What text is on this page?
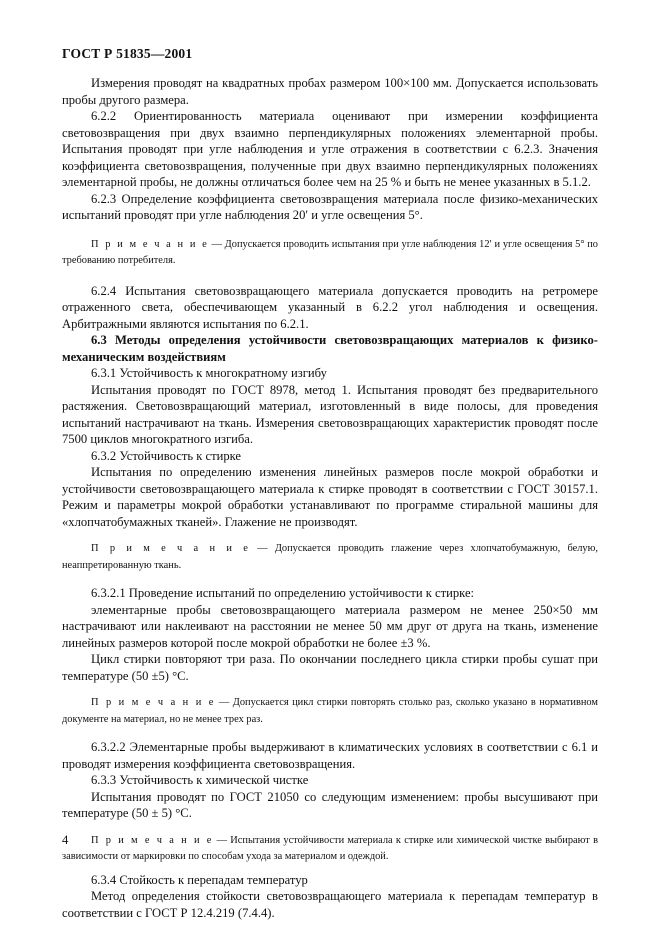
ГОСТ Р 51835—2001

Измерения проводят на квадратных пробах размером 100×100 мм. Допускается использовать пробы другого размера.

6.2.2 Ориентированность материала оценивают при измерении коэффициента световозвращения при двух взаимно перпендикулярных положениях элементарной пробы. Испытания проводят при угле наблюдения и угле отражения в соответствии с 6.2.3. Значения коэффициента световозвращения, полученные при двух взаимно перпендикулярных положениях элементарной пробы, не должны отличаться более чем на 25 % и быть не менее указанных в 5.1.2.

6.2.3 Определение коэффициента световозвращения материала после физико-механических испытаний проводят при угле наблюдения 20′ и угле освещения 5°.

П р и м е ч а н и е — Допускается проводить испытания при угле наблюдения 12′ и угле освещения 5° по требованию потребителя.

6.2.4 Испытания световозвращающего материала допускается проводить на ретромере отраженного света, обеспечивающем указанный в 6.2.2 угол наблюдения и освещения. Арбитражными являются испытания по 6.2.1.

6.3 Методы определения устойчивости световозвращающих материалов к физико-механическим воздействиям

6.3.1 Устойчивость к многократному изгибу

Испытания проводят по ГОСТ 8978, метод 1. Испытания проводят без предварительного растяжения. Световозвращающий материал, изготовленный в виде полосы, для проведения испытаний настрачивают на ткань. Измерения световозвращающих характеристик проводят после 7500 циклов многократного изгиба.

6.3.2 Устойчивость к стирке

Испытания по определению изменения линейных размеров после мокрой обработки и устойчивости световозвращающего материала к стирке проводят в соответствии с ГОСТ 30157.1. Режим и параметры мокрой обработки устанавливают по программе стиральной машины для «хлопчатобумажных тканей». Глажение не производят.

П р и м е ч а н и е — Допускается проводить глажение через хлопчатобумажную, белую, неаппретированную ткань.

6.3.2.1 Проведение испытаний по определению устойчивости к стирке:

элементарные пробы световозвращающего материала размером не менее 250×50 мм настрачивают или наклеивают на расстоянии не менее 50 мм друг от друга на ткань, изменение линейных размеров которой после мокрой обработки не более ±3 %.

Цикл стирки повторяют три раза. По окончании последнего цикла стирки пробы сушат при температуре (50 ±5) °С.

П р и м е ч а н и е — Допускается цикл стирки повторять столько раз, сколько указано в нормативном документе на материал, но не менее трех раз.

6.3.2.2 Элементарные пробы выдерживают в климатических условиях в соответствии с 6.1 и проводят измерения коэффициента световозвращения.

6.3.3 Устойчивость к химической чистке

Испытания проводят по ГОСТ 21050 со следующим изменением: пробы высушивают при температуре (50 ± 5) °С.

П р и м е ч а н и е — Испытания устойчивости материала к стирке или химической чистке выбирают в зависимости от маркировки по способам ухода за материалом и одеждой.

6.3.4 Стойкость к перепадам температур

Метод определения стойкости световозвращающего материала к перепадам температур в соответствии с ГОСТ Р 12.4.219 (7.4.4).

4
